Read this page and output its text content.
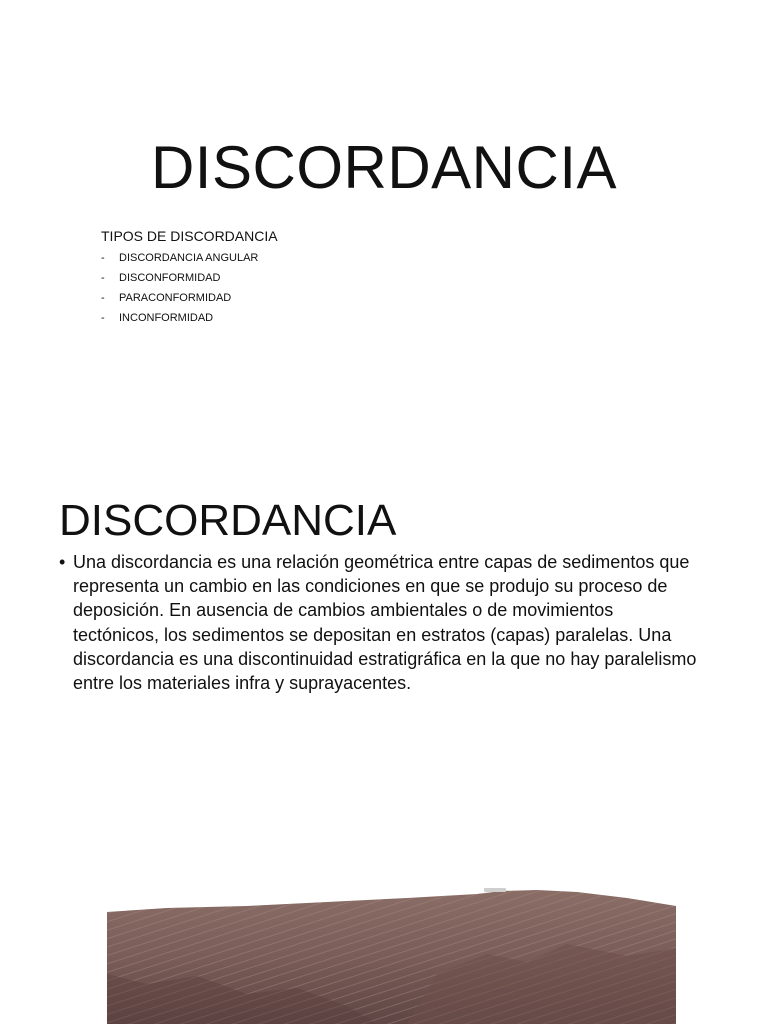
DISCORDANCIA
TIPOS DE DISCORDANCIA
-	DISCORDANCIA ANGULAR
-	DISCONFORMIDAD
-	PARACONFORMIDAD
-	INCONFORMIDAD
DISCORDANCIA
• Una discordancia es una relación geométrica entre capas de sedimentos que representa un cambio en las condiciones en que se produjo su proceso de deposición. En ausencia de cambios ambientales o de movimientos tectónicos, los sedimentos se depositan en estratos (capas) paralelas. Una discordancia es una discontinuidad estratigráfica en la que no hay paralelismo entre los materiales infra y suprayacentes.
